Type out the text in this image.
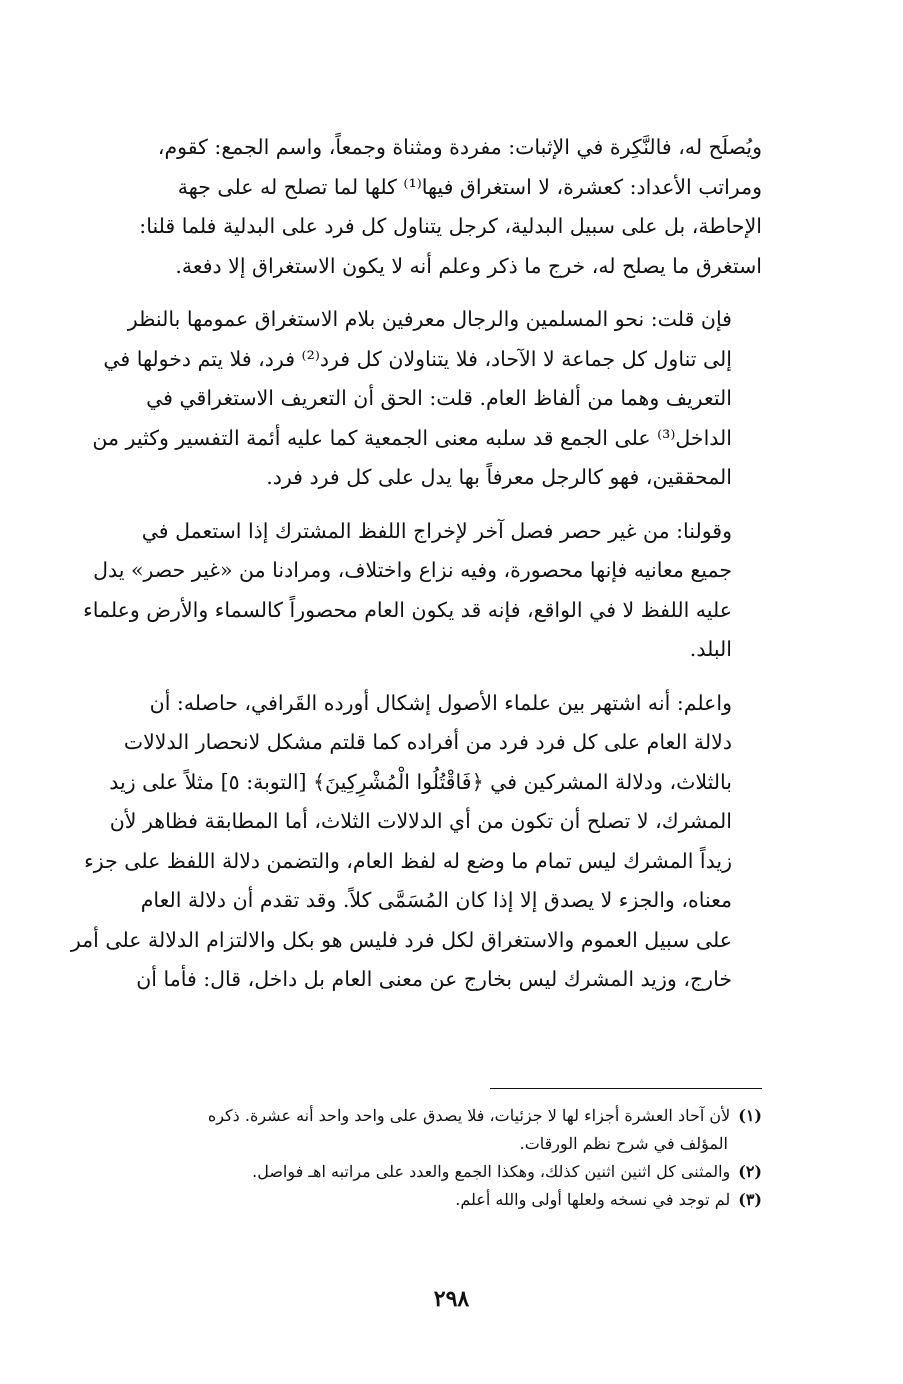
ويُصلَح له، فالنَّكِرة في الإثبات: مفردة ومثناة وجمعاً، واسم الجمع: كقوم،
ومراتب الأعداد: كعشرة، لا استغراق فيها⁽¹⁾ كلها لما تصلح له على جهة
الإحاطة، بل على سبيل البدلية، كرجل يتناول كل فرد على البدلية فلما قلنا:
استغرق ما يصلح له، خرج ما ذكر وعلم أنه لا يكون الاستغراق إلا دفعة.

فإن قلت: نحو المسلمين والرجال معرفين بلام الاستغراق عمومها بالنظر
إلى تناول كل جماعة لا الآحاد، فلا يتناولان كل فرد⁽²⁾ فرد، فلا يتم دخولها في
التعريف وهما من ألفاظ العام. قلت: الحق أن التعريف الاستغراقي في
الداخل⁽³⁾ على الجمع قد سلبه معنى الجمعية كما عليه أئمة التفسير وكثير من
المحققين، فهو كالرجل معرفاً بها يدل على كل فرد فرد.

وقولنا: من غير حصر فصل آخر لإخراج اللفظ المشترك إذا استعمل في
جميع معانيه فإنها محصورة، وفيه نزاع واختلاف، ومرادنا من «غير حصر» يدل
عليه اللفظ لا في الواقع، فإنه قد يكون العام محصوراً كالسماء والأرض وعلماء
البلد.

واعلم: أنه اشتهر بين علماء الأصول إشكال أورده القَرافي، حاصله: أن
دلالة العام على كل فرد فرد من أفراده كما قلتم مشكل لانحصار الدلالات
بالثلاث، ودلالة المشركين في ﴿فَاقْتُلُوا الْمُشْرِكِينَ﴾ [التوبة: ٥] مثلاً على زيد
المشرك، لا تصلح أن تكون من أي الدلالات الثلاث، أما المطابقة فظاهر لأن
زيداً المشرك ليس تمام ما وضع له لفظ العام، والتضمن دلالة اللفظ على جزء
معناه، والجزء لا يصدق إلا إذا كان المُسَمَّى كلاً. وقد تقدم أن دلالة العام
على سبيل العموم والاستغراق لكل فرد فليس هو بكل والالتزام الدلالة على أمر
خارج، وزيد المشرك ليس بخارج عن معنى العام بل داخل، قال: فأما أن

(١)لأن آحاد العشرة أجزاء لها لا جزئيات، فلا يصدق على واحد واحد أنه عشرة. ذكره
المؤلف في شرح نظم الورقات.

(٢)والمثنى كل اثنين اثنين كذلك، وهكذا الجمع والعدد على مراتبه اهـ فواصل.

(٣)لم توجد في نسخه ولعلها أولى والله أعلم.

٢٩٨
